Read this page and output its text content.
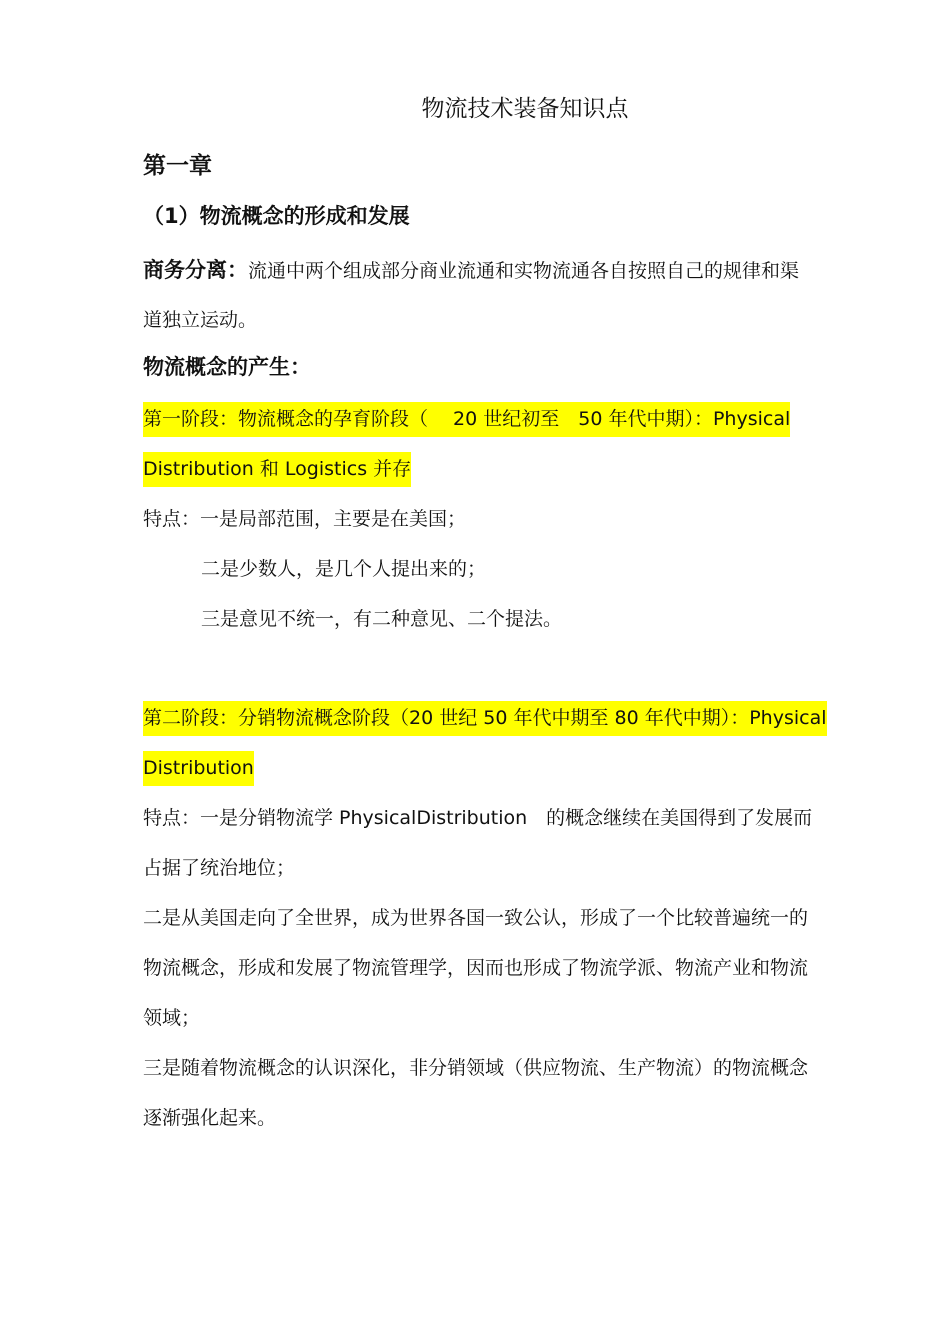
物流技术装备知识点
第一章
（1）物流概念的形成和发展
商务分离：流通中两个组成部分商业流通和实物流通各自按照自己的规律和渠
道独立运动。
物流概念的产生：
第一阶段：物流概念的孕育阶段（　 20 世纪初至　50 年代中期）：Physical
Distribution 和 Logistics 并存
特点：一是局部范围，主要是在美国；
二是少数人，是几个人提出来的；
三是意见不统一，有二种意见、二个提法。
第二阶段：分销物流概念阶段（20 世纪 50 年代中期至 80 年代中期）：Physical
Distribution
特点：一是分销物流学 PhysicalDistribution　的概念继续在美国得到了发展而
占据了统治地位；
二是从美国走向了全世界，成为世界各国一致公认，形成了一个比较普遍统一的
物流概念，形成和发展了物流管理学，因而也形成了物流学派、物流产业和物流
领域；
三是随着物流概念的认识深化，非分销领域（供应物流、生产物流）的物流概念
逐渐强化起来。
